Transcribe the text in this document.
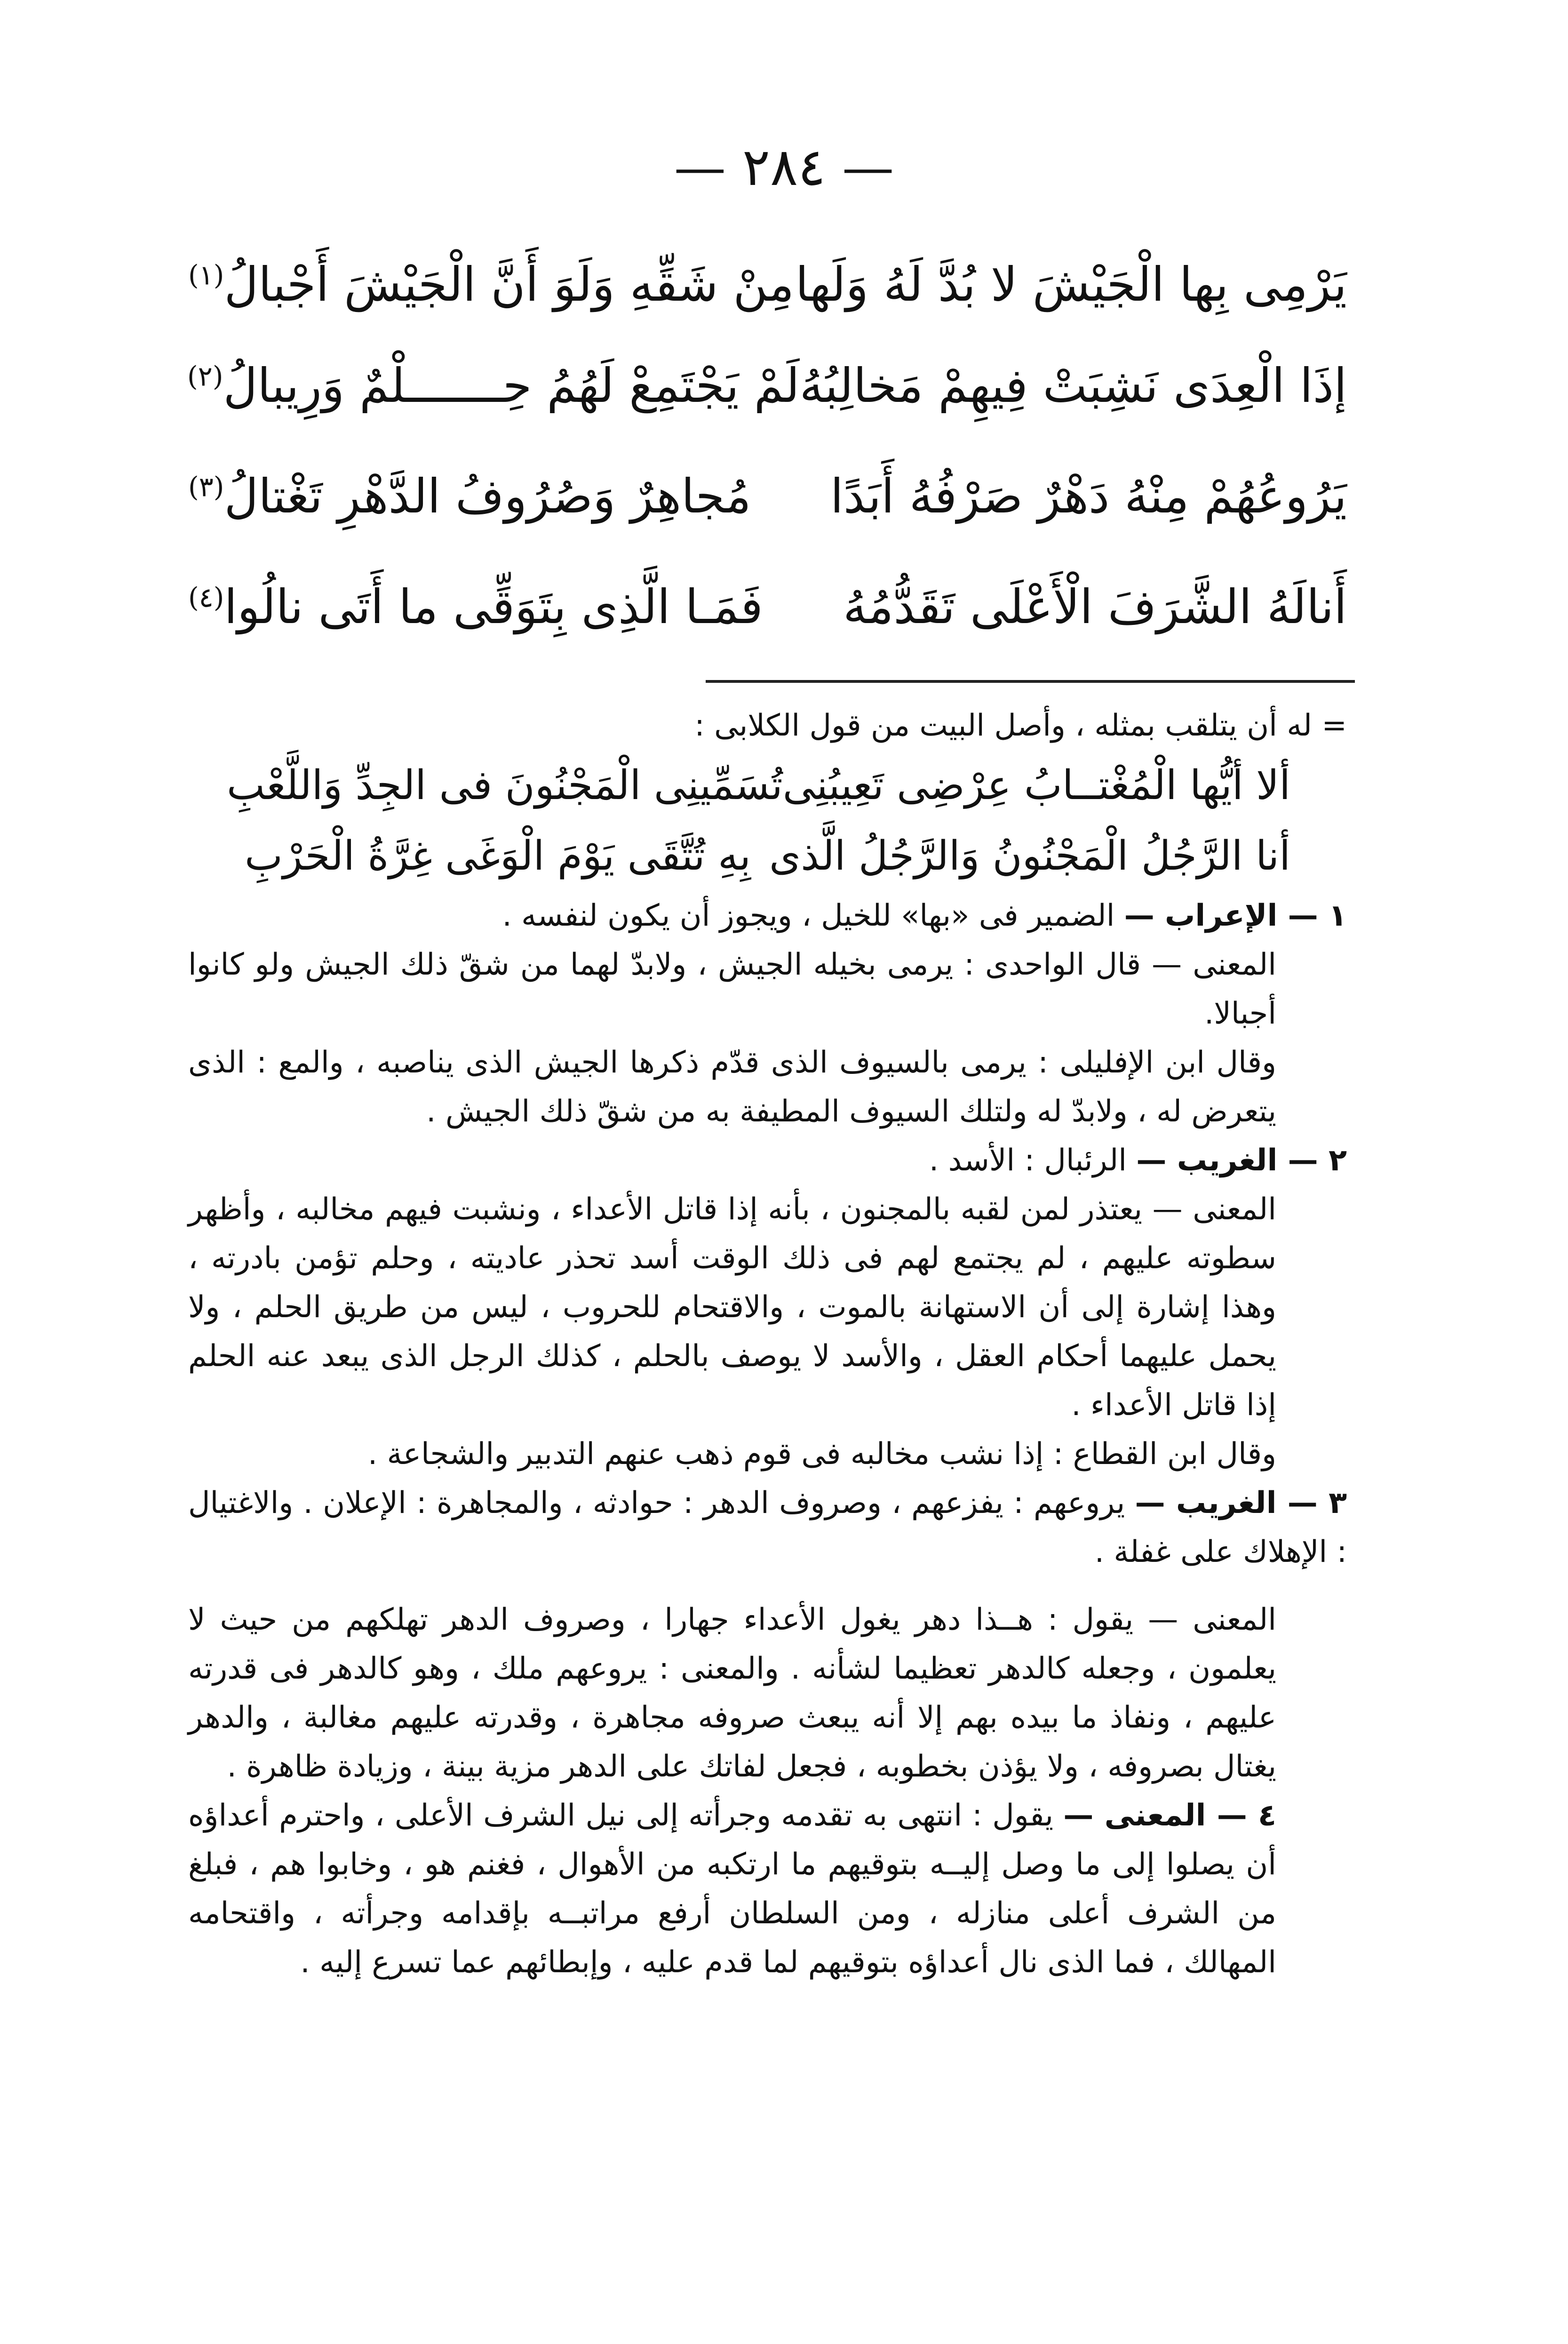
— ٢٨٤ —
يَرْمِى بِها الْجَيْشَ لا بُدَّ لَهُ وَلَها
مِنْ شَقِّهِ وَلَوَ أَنَّ الْجَيْشَ أَجْبالُ$^{(١)}$
إذَا الْعِدَى نَشِبَتْ فِيهِمْ مَخالِبُهُ
لَمْ يَجْتَمِعْ لَهُمُ حِـــــــلْمٌ وَرِيبالُ$^{(٢)}$
يَرُوعُهُمْ مِنْهُ دَهْرٌ صَرْفُهُ أَبَدًا
مُجاهِرٌ وَصُرُوفُ الدَّهْرِ تَغْتالُ$^{(٣)}$
أَنالَهُ الشَّرَفَ الْأَعْلَى تَقَدُّمُهُ
فَمَـا الَّذِى بِتَوَقِّى ما أَتَى نالُوا$^{(٤)}$

= له أن يتلقب بمثله ، وأصل البيت من قول الكلابى :

ألا أيُّها الْمُغْتــابُ عِرْضِى تَعِيبُنِى
تُسَمِّينِى الْمَجْنُونَ فى الجِدِّ وَاللَّعْبِ
أنا الرَّجُلُ الْمَجْنُونُ وَالرَّجُلُ الَّذى
بِهِ تُتَّقَى يَوْمَ الْوَغَى غِرَّةُ الْحَرْبِ

١ — الإعراب — الضمير فى «بها» للخيل ، ويجوز أن يكون لنفسه .

المعنى — قال الواحدى : يرمى بخيله الجيش ، ولابدّ لهما من شقّ ذلك الجيش ولو كانوا أجبالا.

وقال ابن الإفليلى : يرمى بالسيوف الذى قدّم ذكرها الجيش الذى يناصبه ، والمع : الذى يتعرض له ، ولابدّ له ولتلك السيوف المطيفة به من شقّ ذلك الجيش .

٢ — الغريب — الرئبال : الأسد .

المعنى — يعتذر لمن لقبه بالمجنون ، بأنه إذا قاتل الأعداء ، ونشبت فيهم مخالبه ، وأظهر سطوته عليهم ، لم يجتمع لهم فى ذلك الوقت أسد تحذر عاديته ، وحلم تؤمن بادرته ، وهذا إشارة إلى أن الاستهانة بالموت ، والاقتحام للحروب ، ليس من طريق الحلم ، ولا يحمل عليهما أحكام العقل ، والأسد لا يوصف بالحلم ، كذلك الرجل الذى يبعد عنه الحلم إذا قاتل الأعداء .

وقال ابن القطاع : إذا نشب مخالبه فى قوم ذهب عنهم التدبير والشجاعة .

٣ — الغريب — يروعهم : يفزعهم ، وصروف الدهر : حوادثه ، والمجاهرة : الإعلان . والاغتيال : الإهلاك على غفلة .

المعنى — يقول : هــذا دهر يغول الأعداء جهارا ، وصروف الدهر تهلكهم من حيث لا يعلمون ، وجعله كالدهر تعظيما لشأنه . والمعنى : يروعهم ملك ، وهو كالدهر فى قدرته عليهم ، ونفاذ ما بيده بهم إلا أنه يبعث صروفه مجاهرة ، وقدرته عليهم مغالبة ، والدهر يغتال بصروفه ، ولا يؤذن بخطوبه ، فجعل لفاتك على الدهر مزية بينة ، وزيادة ظاهرة .

٤ — المعنى — يقول : انتهى به تقدمه وجرأته إلى نيل الشرف الأعلى ، واحترم أعداؤه أن يصلوا إلى ما وصل إليــه بتوقيهم ما ارتكبه من الأهوال ، فغنم هو ، وخابوا هم ، فبلغ من الشرف أعلى منازله ، ومن السلطان أرفع مراتبــه بإقدامه وجرأته ، واقتحامه المهالك ، فما الذى نال أعداؤه بتوقيهم لما قدم عليه ، وإبطائهم عما تسرع إليه .
